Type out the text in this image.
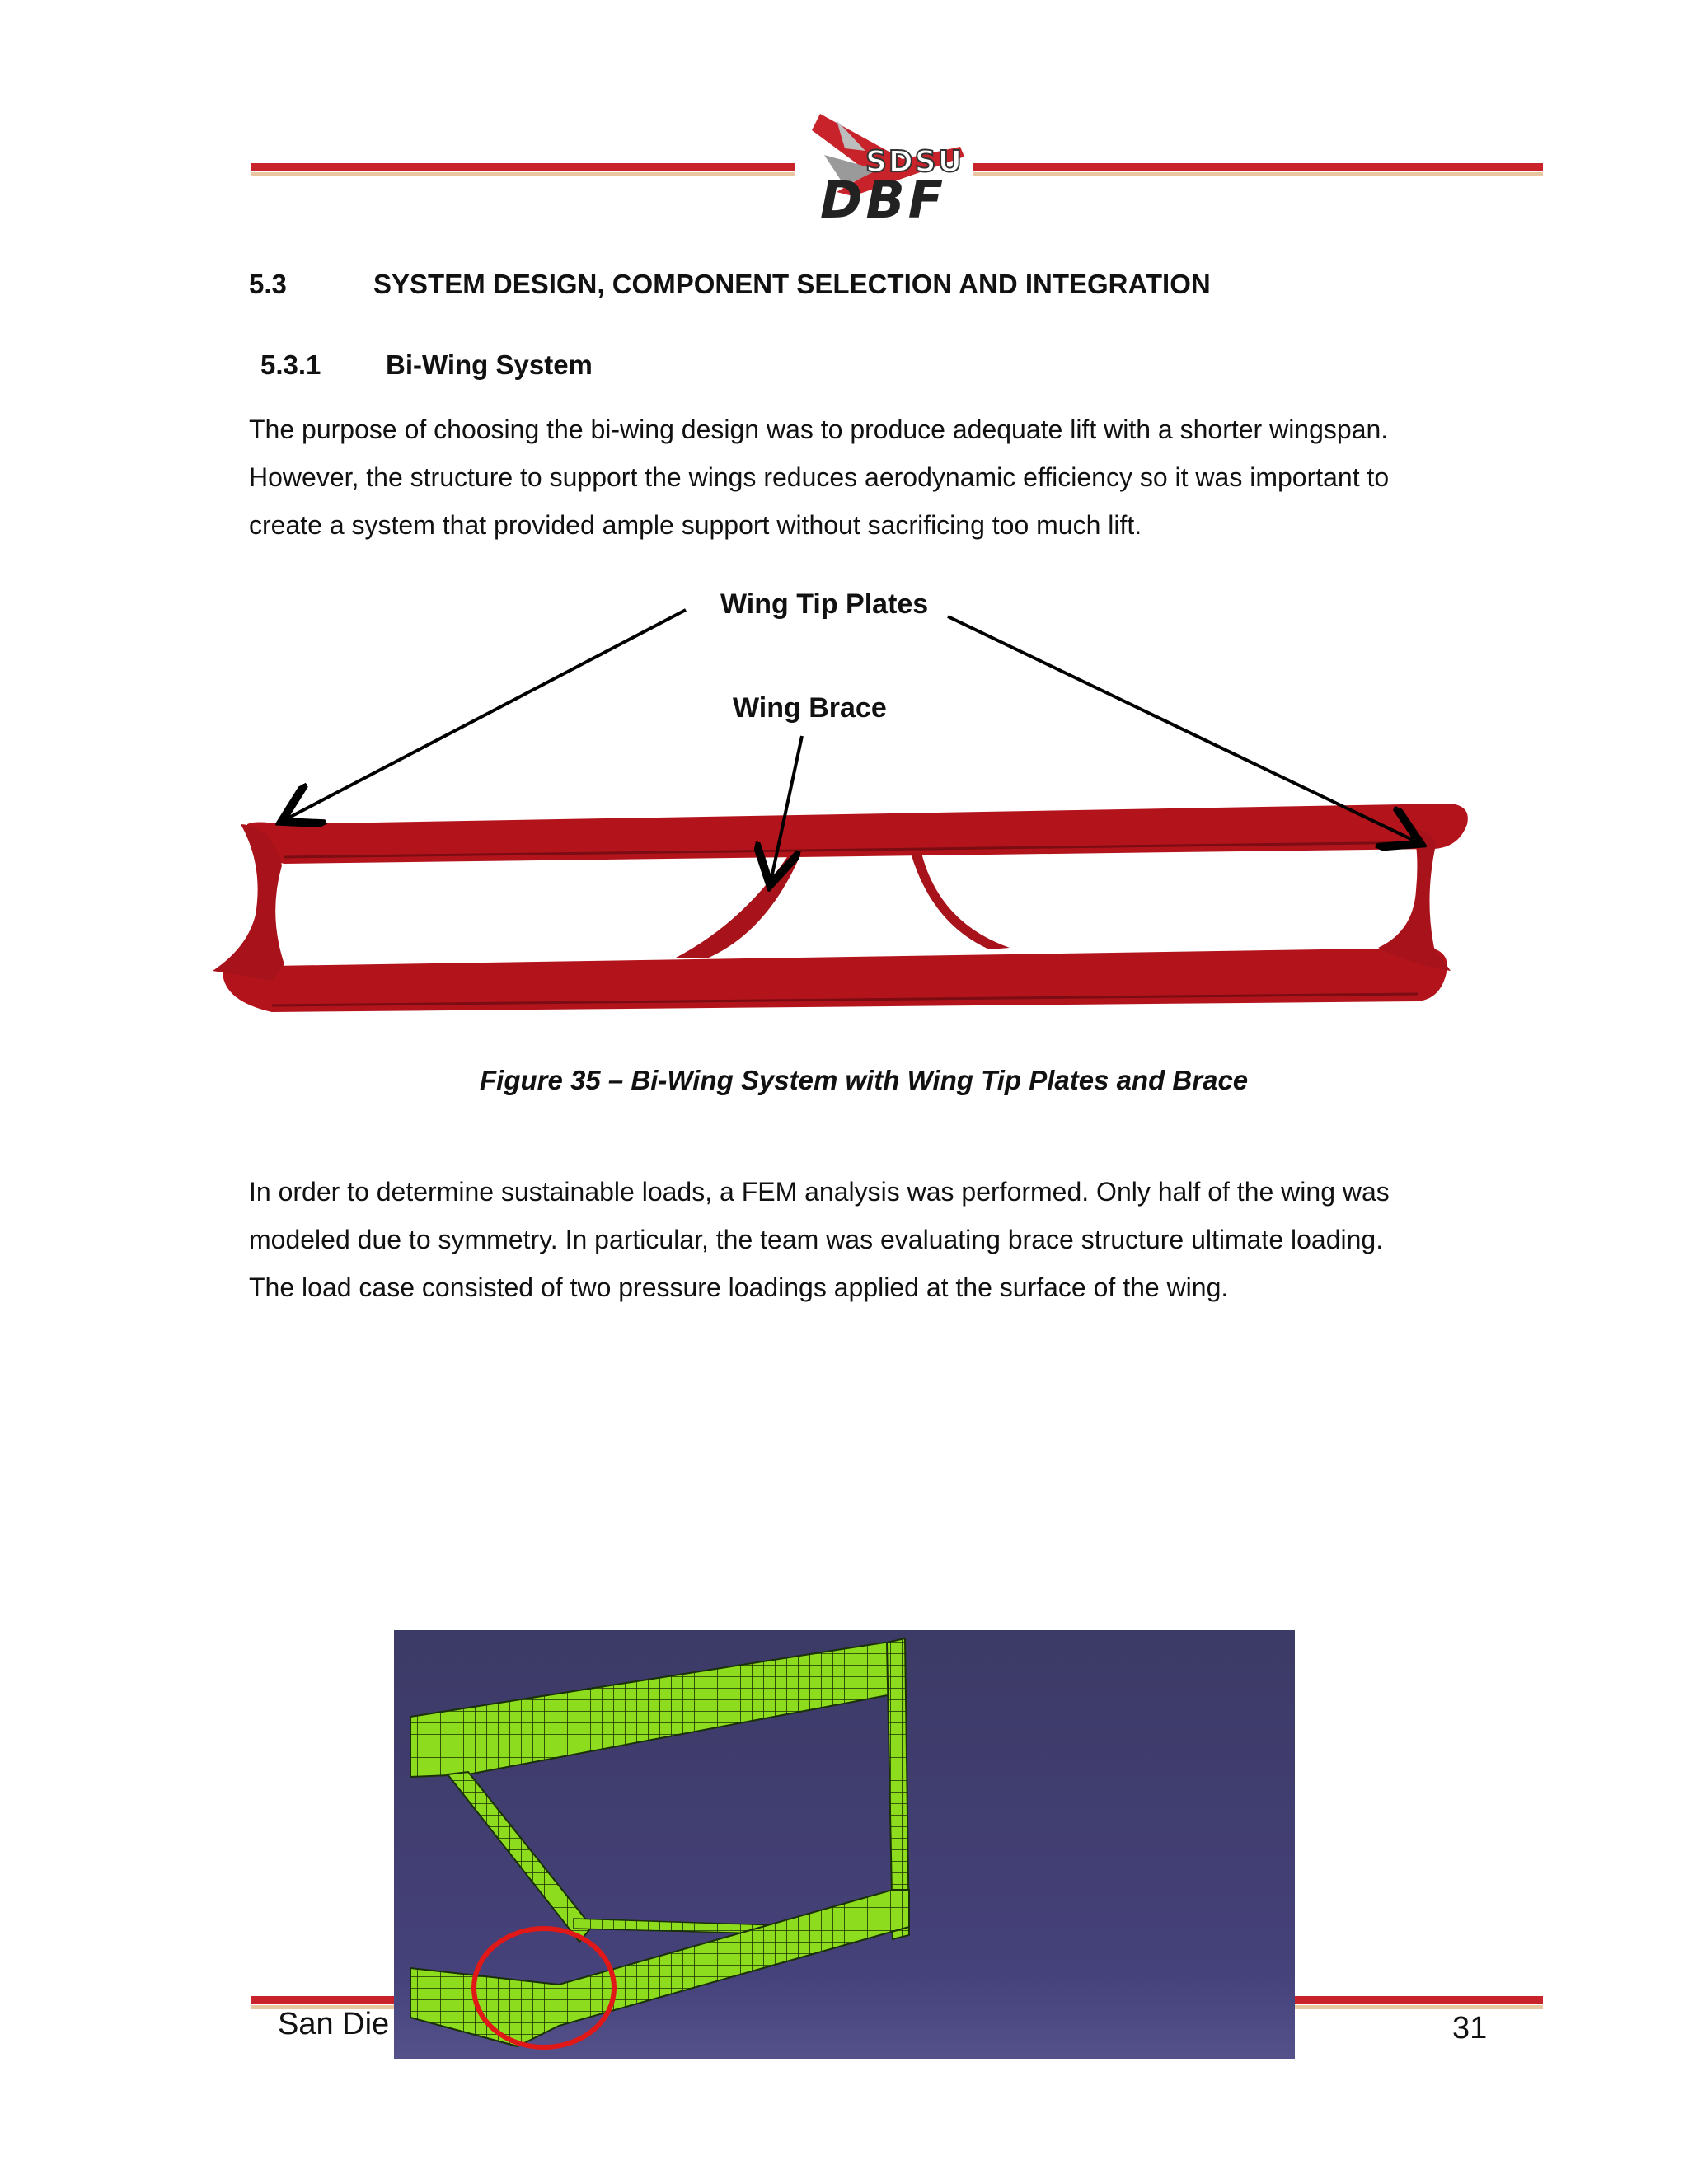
SDSU
DBF
5.3	SYSTEM DESIGN, COMPONENT SELECTION AND INTEGRATION
5.3.1 Bi-Wing System
The purpose of choosing the bi-wing design was to produce adequate lift with a shorter wingspan.
However, the structure to support the wings reduces aerodynamic efficiency so it was important to
create a system that provided ample support without sacrificing too much lift.
Wing Tip Plates
Wing Brace
Figure 35 – Bi-Wing System with Wing Tip Plates and Brace
In order to determine sustainable loads, a FEM analysis was performed. Only half of the wing was
modeled due to symmetry. In particular, the team was evaluating brace structure ultimate loading.
The load case consisted of two pressure loadings applied at the surface of the wing.
San Die	31
